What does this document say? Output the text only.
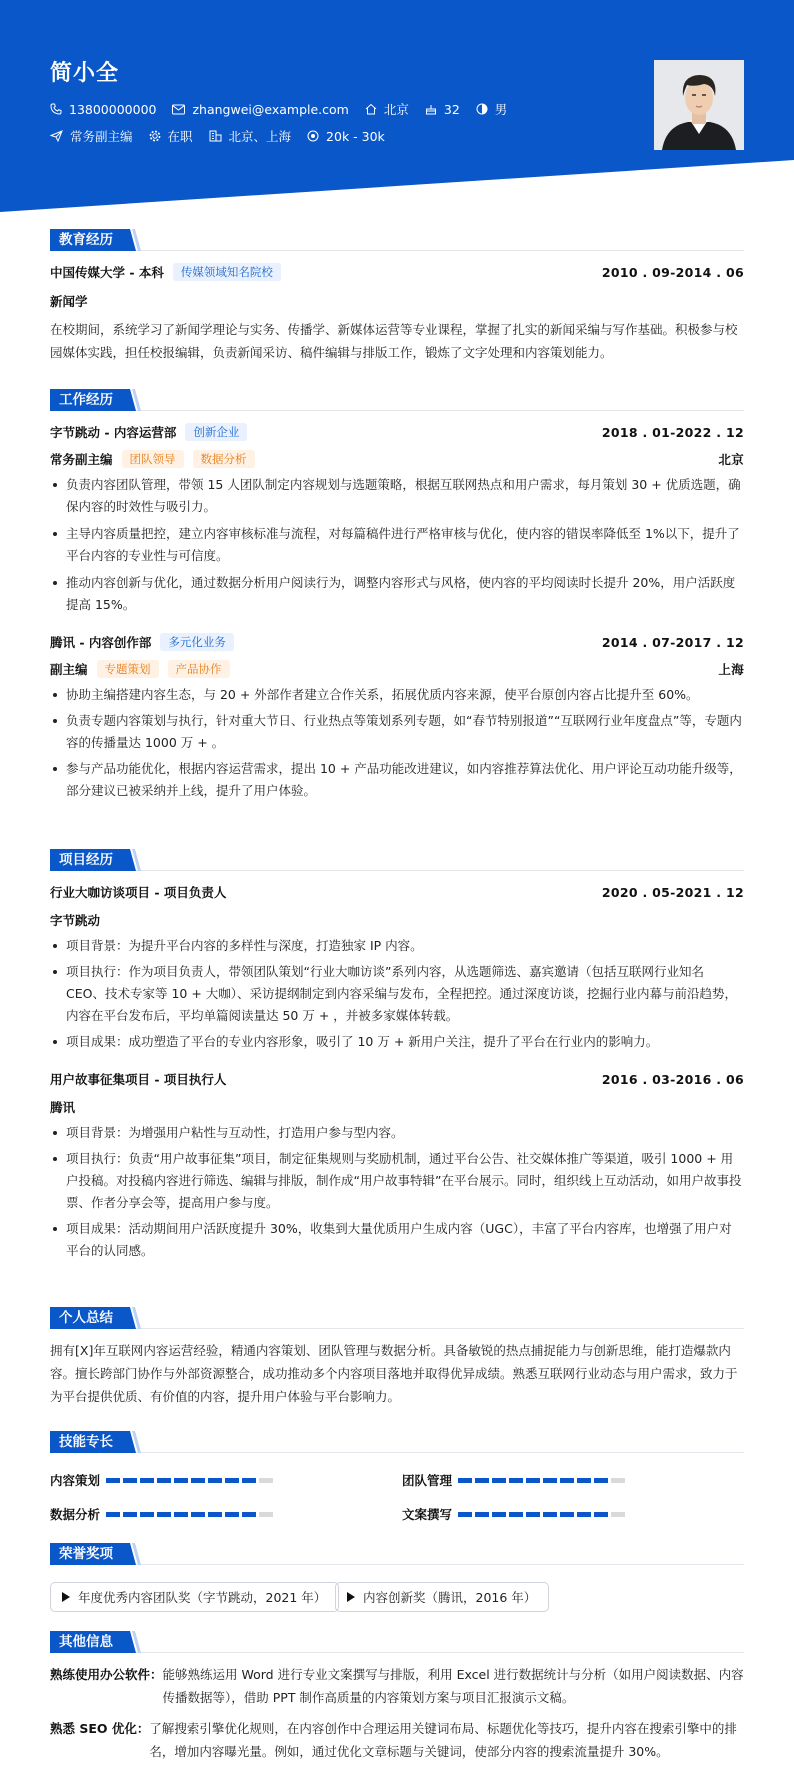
简小全
13800000000	zhangwei@example.com	北京	32	男
常务副主编	在职	北京、上海	20k - 30k
教育经历
中国传媒大学 - 本科	传媒领域知名院校	2010 . 09-2014 . 06
新闻学
在校期间，系统学习了新闻学理论与实务、传播学、新媒体运营等专业课程，掌握了扎实的新闻采编与写作基础。积极参与校园媒体实践，担任校报编辑，负责新闻采访、稿件编辑与排版工作，锻炼了文字处理和内容策划能力。
工作经历
字节跳动 - 内容运营部	创新企业	2018 . 01-2022 . 12
常务副主编	团队领导	数据分析	北京
负责内容团队管理，带领 15 人团队制定内容规划与选题策略，根据互联网热点和用户需求，每月策划 30 + 优质选题，确保内容的时效性与吸引力。
主导内容质量把控，建立内容审核标准与流程，对每篇稿件进行严格审核与优化，使内容的错误率降低至 1%以下，提升了平台内容的专业性与可信度。
推动内容创新与优化，通过数据分析用户阅读行为，调整内容形式与风格，使内容的平均阅读时长提升 20%，用户活跃度提高 15%。
腾讯 - 内容创作部	多元化业务	2014 . 07-2017 . 12
副主编	专题策划	产品协作	上海
协助主编搭建内容生态，与 20 + 外部作者建立合作关系，拓展优质内容来源，使平台原创内容占比提升至 60%。
负责专题内容策划与执行，针对重大节日、行业热点等策划系列专题，如“春节特别报道”“互联网行业年度盘点”等，专题内容的传播量达 1000 万 + 。
参与产品功能优化，根据内容运营需求，提出 10 + 产品功能改进建议，如内容推荐算法优化、用户评论互动功能升级等，部分建议已被采纳并上线，提升了用户体验。
项目经历
行业大咖访谈项目 - 项目负责人	2020 . 05-2021 . 12
字节跳动
项目背景：为提升平台内容的多样性与深度，打造独家 IP 内容。
项目执行：作为项目负责人，带领团队策划“行业大咖访谈”系列内容，从选题筛选、嘉宾邀请（包括互联网行业知名 CEO、技术专家等 10 + 大咖）、采访提纲制定到内容采编与发布，全程把控。通过深度访谈，挖掘行业内幕与前沿趋势，内容在平台发布后，平均单篇阅读量达 50 万 + ，并被多家媒体转载。
项目成果：成功塑造了平台的专业内容形象，吸引了 10 万 + 新用户关注，提升了平台在行业内的影响力。
用户故事征集项目 - 项目执行人	2016 . 03-2016 . 06
腾讯
项目背景：为增强用户粘性与互动性，打造用户参与型内容。
项目执行：负责“用户故事征集”项目，制定征集规则与奖励机制，通过平台公告、社交媒体推广等渠道，吸引 1000 + 用户投稿。对投稿内容进行筛选、编辑与排版，制作成“用户故事特辑”在平台展示。同时，组织线上互动活动，如用户故事投票、作者分享会等，提高用户参与度。
项目成果：活动期间用户活跃度提升 30%，收集到大量优质用户生成内容（UGC），丰富了平台内容库，也增强了用户对平台的认同感。
个人总结
拥有[X]年互联网内容运营经验，精通内容策划、团队管理与数据分析。具备敏锐的热点捕捉能力与创新思维，能打造爆款内容。擅长跨部门协作与外部资源整合，成功推动多个内容项目落地并取得优异成绩。熟悉互联网行业动态与用户需求，致力于为平台提供优质、有价值的内容，提升用户体验与平台影响力。
技能专长
内容策划	团队管理
数据分析	文案撰写
荣誉奖项
年度优秀内容团队奖（字节跳动，2021 年）	内容创新奖（腾讯，2016 年）
其他信息
熟练使用办公软件： 能够熟练运用 Word 进行专业文案撰写与排版，利用 Excel 进行数据统计与分析（如用户阅读数据、内容传播数据等），借助 PPT 制作高质量的内容策划方案与项目汇报演示文稿。
熟悉 SEO 优化： 了解搜索引擎优化规则，在内容创作中合理运用关键词布局、标题优化等技巧，提升内容在搜索引擎中的排名，增加内容曝光量。例如，通过优化文章标题与关键词，使部分内容的搜索流量提升 30%。
